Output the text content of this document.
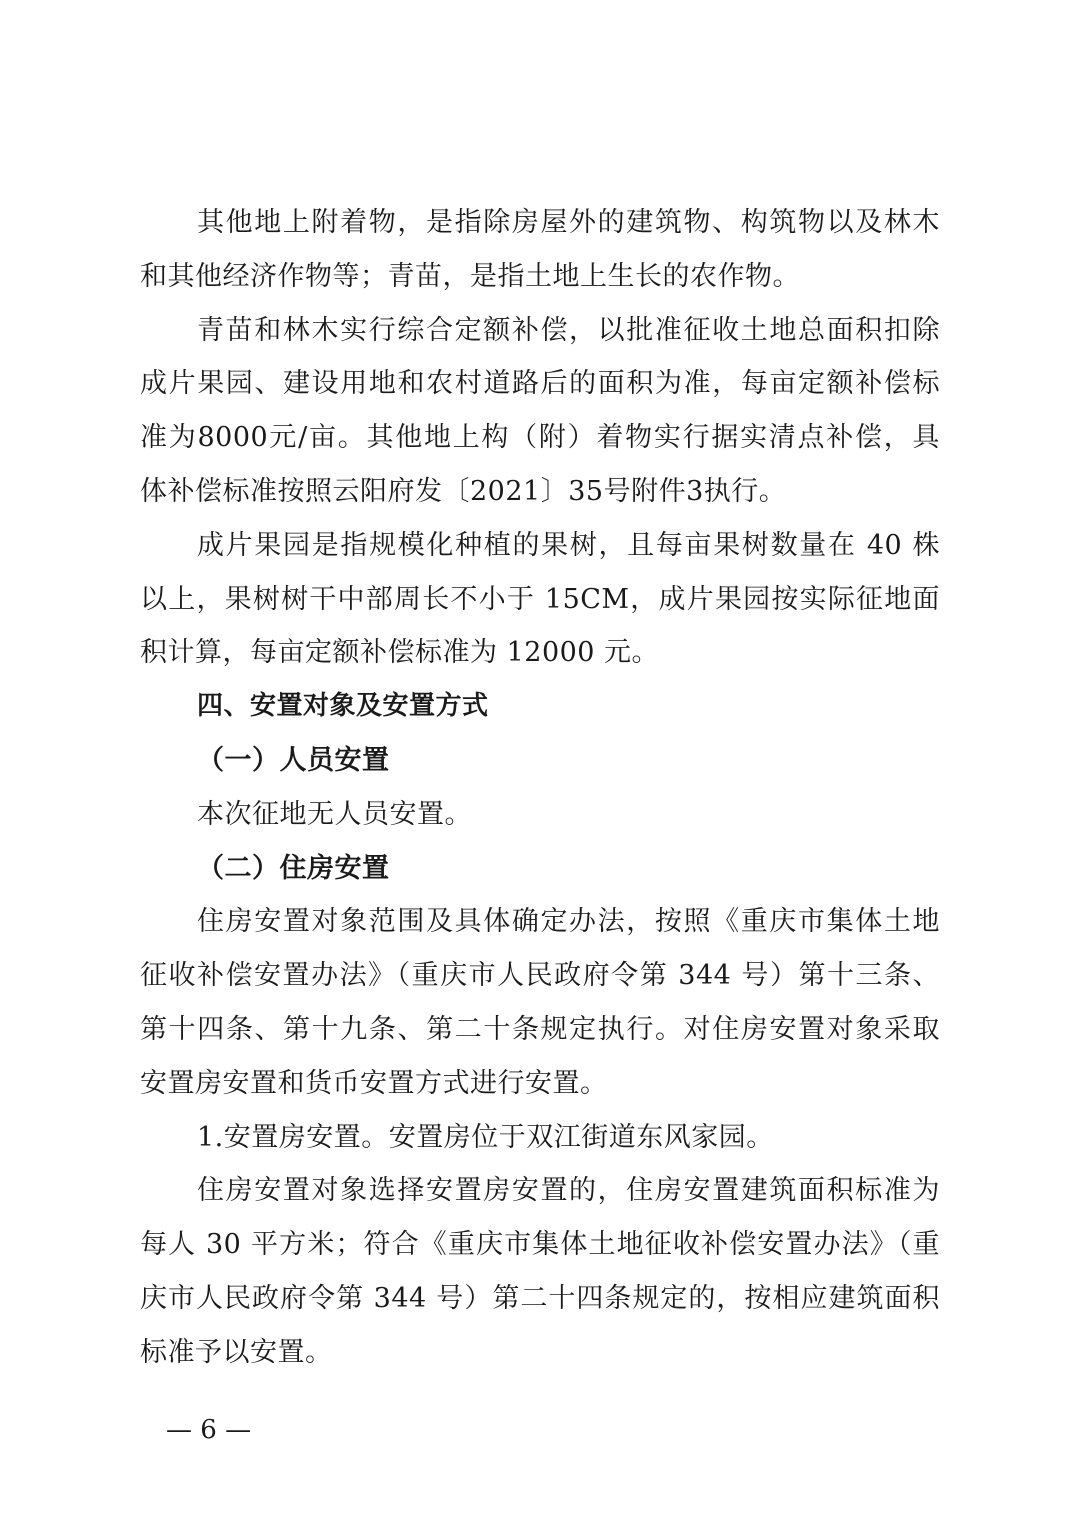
其他地上附着物，是指除房屋外的建筑物、构筑物以及林木
和其他经济作物等；青苗，是指土地上生长的农作物。
青苗和林木实行综合定额补偿，以批准征收土地总面积扣除
成片果园、建设用地和农村道路后的面积为准，每亩定额补偿标
准为8000元/亩。其他地上构（附）着物实行据实清点补偿，具
体补偿标准按照云阳府发〔2021〕35号附件3执行。
成片果园是指规模化种植的果树，且每亩果树数量在 40 株
以上，果树树干中部周长不小于 15CM，成片果园按实际征地面
积计算，每亩定额补偿标准为 12000 元。
四、安置对象及安置方式
（一）人员安置
本次征地无人员安置。
（二）住房安置
住房安置对象范围及具体确定办法，按照《重庆市集体土地
征收补偿安置办法》（重庆市人民政府令第 344 号）第十三条、
第十四条、第十九条、第二十条规定执行。对住房安置对象采取
安置房安置和货币安置方式进行安置。
1.安置房安置。安置房位于双江街道东风家园。
住房安置对象选择安置房安置的，住房安置建筑面积标准为
每人 30 平方米；符合《重庆市集体土地征收补偿安置办法》（重
庆市人民政府令第 344 号）第二十四条规定的，按相应建筑面积
标准予以安置。
— 6 —
